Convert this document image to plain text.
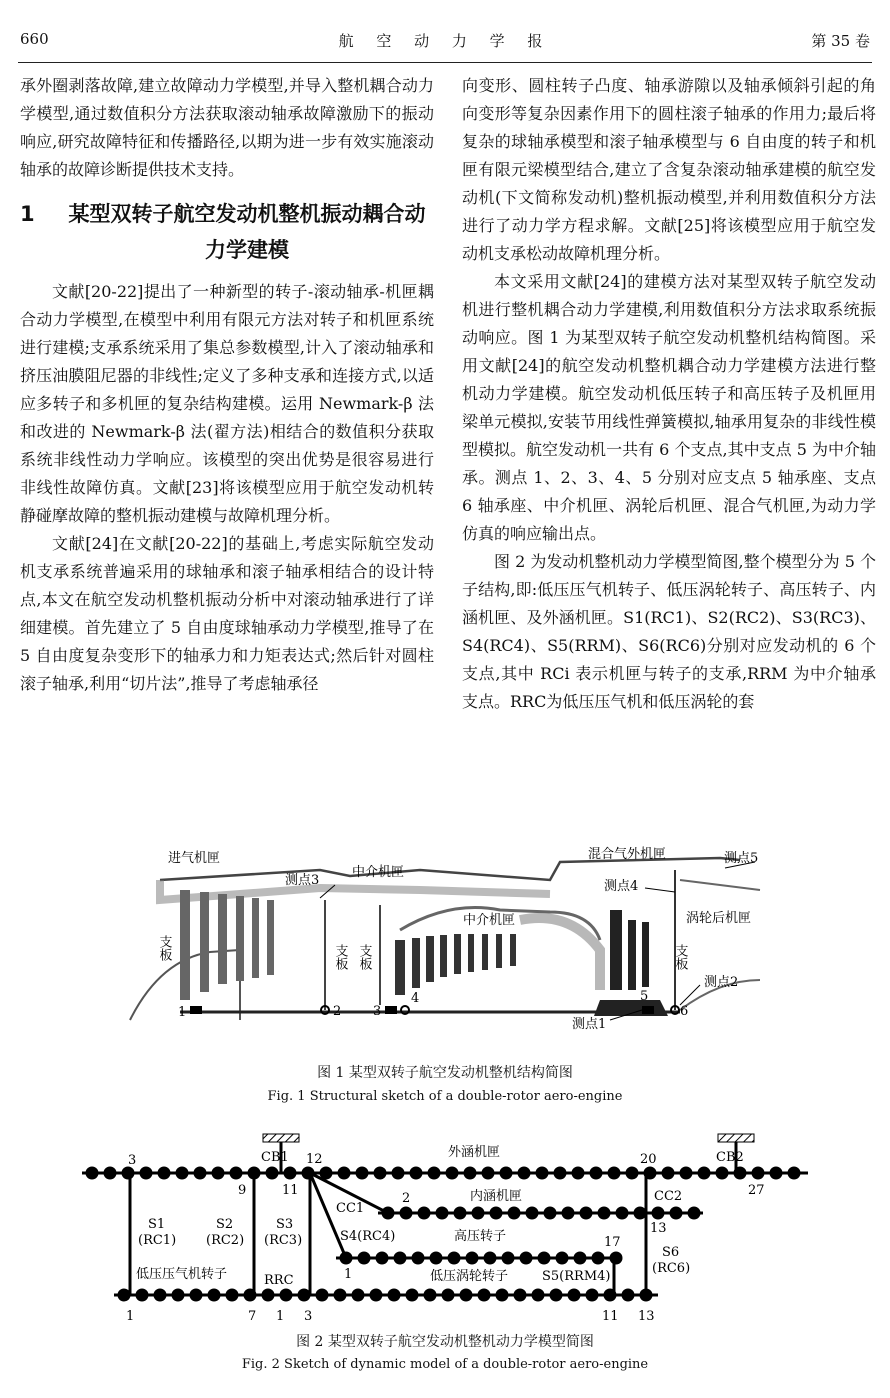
660	航 空 动 力 学 报	第 35 卷

承外圈剥落故障,建立故障动力学模型,并导入整机耦合动力学模型,通过数值积分方法获取滚动轴承故障激励下的振动响应,研究故障特征和传播路径,以期为进一步有效实施滚动轴承的故障诊断提供技术支持。

1	某型双转子航空发动机整机振动耦合动力学建模

文献[20-22]提出了一种新型的转子-滚动轴承-机匣耦合动力学模型,在模型中利用有限元方法对转子和机匣系统进行建模;支承系统采用了集总参数模型,计入了滚动轴承和挤压油膜阻尼器的非线性;定义了多种支承和连接方式,以适应多转子和多机匣的复杂结构建模。运用 Newmark-β 法和改进的 Newmark-β 法(翟方法)相结合的数值积分获取系统非线性动力学响应。该模型的突出优势是很容易进行非线性故障仿真。文献[23]将该模型应用于航空发动机转静碰摩故障的整机振动建模与故障机理分析。

文献[24]在文献[20-22]的基础上,考虑实际航空发动机支承系统普遍采用的球轴承和滚子轴承相结合的设计特点,本文在航空发动机整机振动分析中对滚动轴承进行了详细建模。首先建立了 5 自由度球轴承动力学模型,推导了在 5 自由度复杂变形下的轴承力和力矩表达式;然后针对圆柱滚子轴承,利用“切片法”,推导了考虑轴承径

向变形、圆柱转子凸度、轴承游隙以及轴承倾斜引起的角向变形等复杂因素作用下的圆柱滚子轴承的作用力;最后将复杂的球轴承模型和滚子轴承模型与 6 自由度的转子和机匣有限元梁模型结合,建立了含复杂滚动轴承建模的航空发动机(下文简称发动机)整机振动模型,并利用数值积分方法进行了动力学方程求解。文献[25]将该模型应用于航空发动机支承松动故障机理分析。

本文采用文献[24]的建模方法对某型双转子航空发动机进行整机耦合动力学建模,利用数值积分方法求取系统振动响应。图 1 为某型双转子航空发动机整机结构简图。采用文献[24]的航空发动机整机耦合动力学建模方法进行整机动力学建模。航空发动机低压转子和高压转子及机匣用梁单元模拟,安装节用线性弹簧模拟,轴承用复杂的非线性模型模拟。航空发动机一共有 6 个支点,其中支点 5 为中介轴承。测点 1、2、3、4、5 分别对应支点 5 轴承座、支点 6 轴承座、中介机匣、涡轮后机匣、混合气机匣,为动力学仿真的响应输出点。

图 2 为发动机整机动力学模型简图,整个模型分为 5 个子结构,即:低压压气机转子、低压涡轮转子、高压转子、内涵机匣、及外涵机匣。S1(RC1)、S2(RC2)、S3(RC3)、S4(RC4)、S5(RRM)、S6(RC6)分别对应发动机的 6 个支点,其中 RCi 表示机匣与转子的支承,RRM 为中介轴承支点。RRC为低压压气机和低压涡轮的套

进气机匣
测点3
中介机匣
混合气外机匣	测点5
测点4
中介机匣	涡轮后机匣
支板	支板 支板	支板
测点2
测点1
1	2 3
4	5
6
图 1 某型双转子航空发动机整机结构简图
Fig. 1 Structural sketch of a double-rotor aero-engine
外涵机匣
CB1	CB2
3	12	20
27
9	11
CC1
2	内涵机匣	CC2
13
S1
(RC1)
S2
(RC2)
S3
(RC3)	S4(RC4)	高压转子	17
S6
(RC6)
低压压气机转子	RRC	1	低压涡轮转子	S5(RRM4)
1	7 1 3	11 13
图 2 某型双转子航空发动机整机动力学模型简图
Fig. 2 Sketch of dynamic model of a double-rotor aero-engine
